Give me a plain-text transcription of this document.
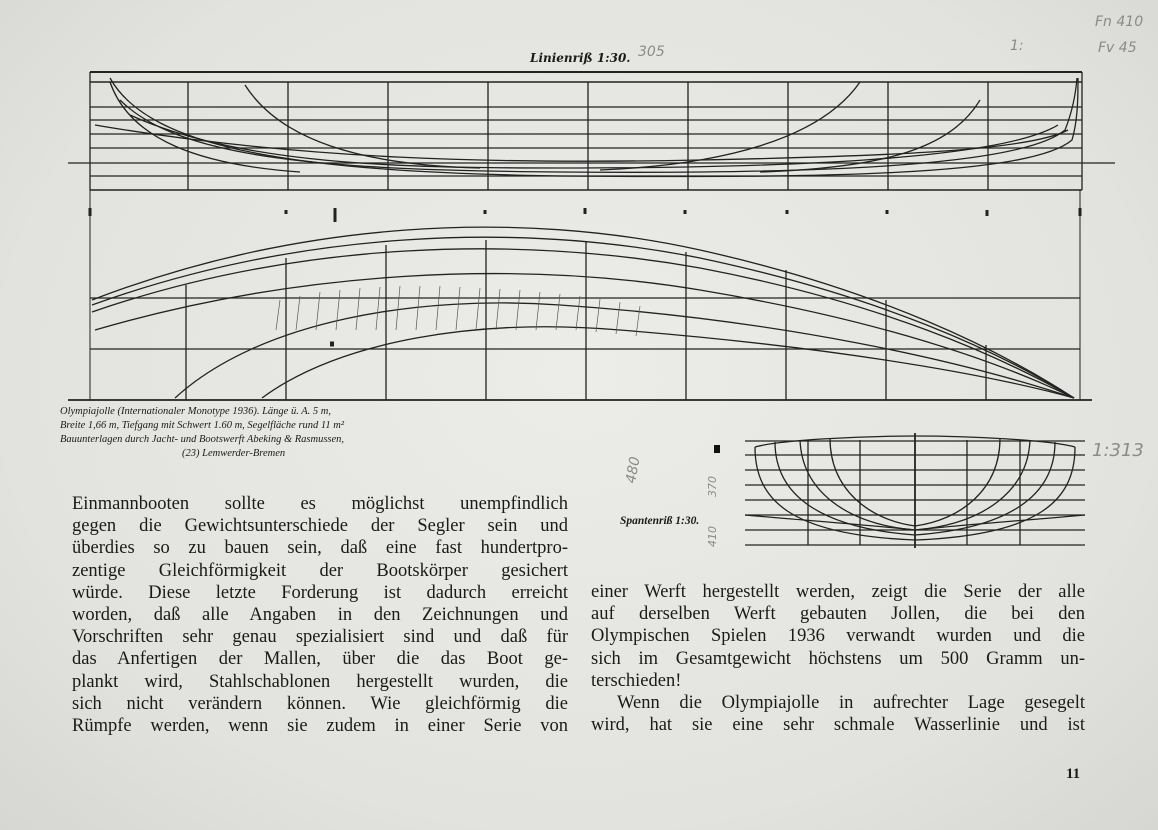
Linienriß 1:30.
Olympiajolle (Internationaler Monotype 1936). Länge ü. A. 5 m,
Breite 1,66 m, Tiefgang mit Schwert 1.60 m, Segelfläche rund 11 m²
Bauunterlagen durch Jacht- und Bootswerft Abeking & Rasmussen,
(23) Lemwerder-Bremen
Spantenriß 1:30.
Einmannbooten sollte es möglichst unempfindlich
gegen die Gewichtsunterschiede der Segler sein und
überdies so zu bauen sein, daß eine fast hundertpro-
zentige Gleichförmigkeit der Bootskörper gesichert
würde. Diese letzte Forderung ist dadurch erreicht
worden, daß alle Angaben in den Zeichnungen und
Vorschriften sehr genau spezialisiert sind und daß für
das Anfertigen der Mallen, über die das Boot ge-
plankt wird, Stahlschablonen hergestellt wurden, die
sich nicht verändern können. Wie gleichförmig die
Rümpfe werden, wenn sie zudem in einer Serie von
einer Werft hergestellt werden, zeigt die Serie der alle
auf derselben Werft gebauten Jollen, die bei den
Olympischen Spielen 1936 verwandt wurden und die
sich im Gesamtgewicht höchstens um 500 Gramm un-
terschieden!
Wenn die Olympiajolle in aufrechter Lage gesegelt
wird, hat sie eine sehr schmale Wasserlinie und ist
11
Fn 410
Fv 45
1:
305
1:313
480
370
410
